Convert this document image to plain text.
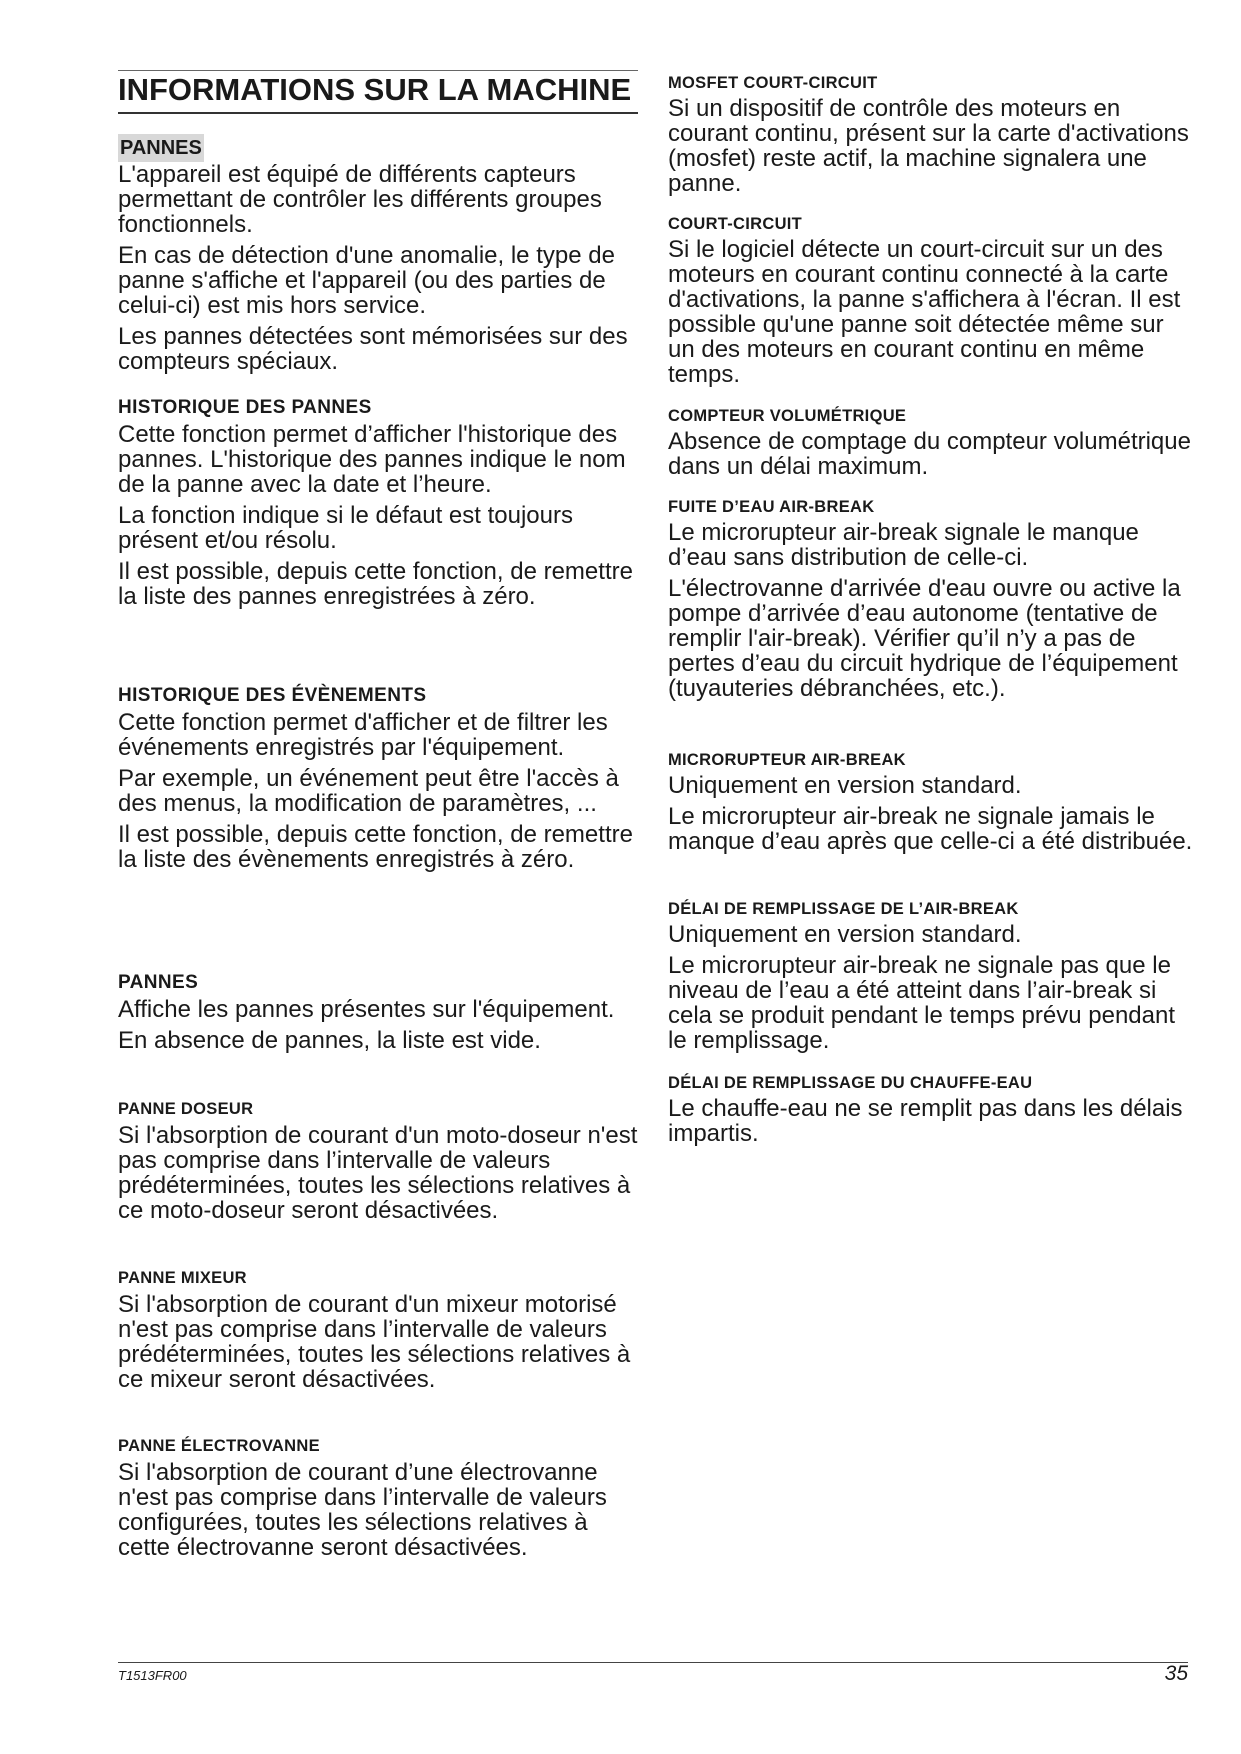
INFORMATIONS SUR LA MACHINE

PANNES

L'appareil est équipé de différents capteurs permettant de contrôler les différents groupes fonctionnels.

En cas de détection d'une anomalie, le type de panne s'affiche et l'appareil (ou des parties de celui-ci) est mis hors service.

Les pannes détectées sont mémorisées sur des compteurs spéciaux.

HISTORIQUE DES PANNES

Cette fonction permet d’afficher l'historique des pannes. L'historique des pannes indique le nom de la panne avec la date et l’heure.

La fonction indique si le défaut est toujours présent et/ou résolu.

Il est possible, depuis cette fonction, de remettre la liste des pannes enregistrées à zéro.

HISTORIQUE DES ÉVÈNEMENTS

Cette fonction permet d'afficher et de filtrer les événements enregistrés par l'équipement.

Par exemple, un événement peut être l'accès à des menus, la modification de paramètres, ...

Il est possible, depuis cette fonction, de remettre la liste des évènements enregistrés à zéro.

PANNES

Affiche les pannes présentes sur l'équipement.

En absence de pannes, la liste est vide.

PANNE DOSEUR

Si l'absorption de courant d'un moto-doseur n'est pas comprise dans l’intervalle de valeurs prédéterminées, toutes les sélections relatives à ce moto-doseur seront désactivées.

PANNE MIXEUR

Si l'absorption de courant d'un mixeur motorisé n'est pas comprise dans l’intervalle de valeurs prédéterminées, toutes les sélections relatives à ce mixeur seront désactivées.

PANNE ÉLECTROVANNE

Si l'absorption de courant d’une électrovanne n'est pas comprise dans l’intervalle de valeurs configurées, toutes les sélections relatives à cette électrovanne seront désactivées.

MOSFET COURT-CIRCUIT

Si un dispositif de contrôle des moteurs en courant continu, présent sur la carte d'activations (mosfet) reste actif, la machine signalera une panne.

COURT-CIRCUIT

Si le logiciel détecte un court-circuit sur un des moteurs en courant continu connecté à la carte d'activations, la panne s'affichera à l'écran. Il est possible qu'une panne soit détectée même sur un des moteurs en courant continu en même temps.

COMPTEUR VOLUMÉTRIQUE

Absence de comptage du compteur volumétrique dans un délai maximum.

FUITE D’EAU AIR-BREAK

Le microrupteur air-break signale le manque d’eau sans distribution de celle-ci.

L'électrovanne d'arrivée d'eau ouvre ou active la pompe d’arrivée d’eau autonome (tentative de remplir l'air-break). Vérifier qu’il n’y a pas de pertes d’eau du circuit hydrique de l’équipement (tuyauteries débranchées, etc.).

MICRORUPTEUR AIR-BREAK

Uniquement en version standard.

Le microrupteur air-break ne signale jamais le manque d’eau après que celle-ci a été distribuée.

DÉLAI DE REMPLISSAGE DE L’AIR-BREAK

Uniquement en version standard.

Le microrupteur air-break ne signale pas que le niveau de l’eau a été atteint dans l’air-break si cela se produit pendant le temps prévu pendant le remplissage.

DÉLAI DE REMPLISSAGE DU CHAUFFE-EAU

Le chauffe-eau ne se remplit pas dans les délais impartis.

T1513FR00	35
